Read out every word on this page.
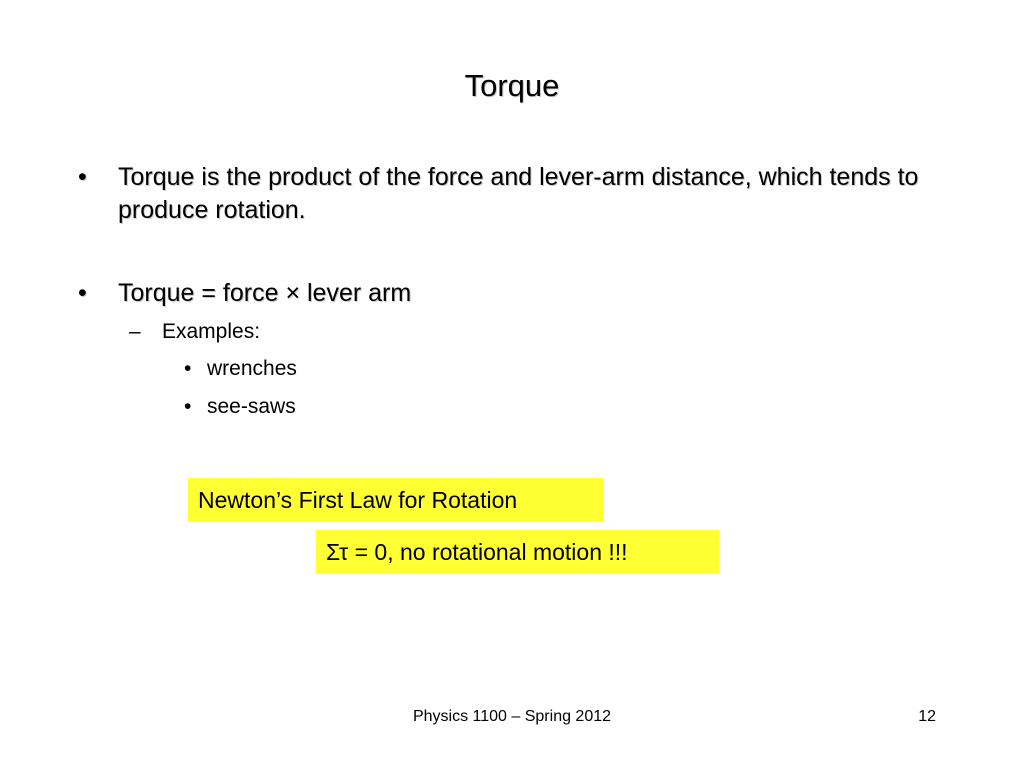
Torque
• Torque is the product of the force and lever-arm distance, which tends to produce rotation.
• Torque = force × lever arm
– Examples:
• wrenches
• see-saws
Newton’s First Law for Rotation
Στ = 0, no rotational motion !!!
Physics 1100 – Spring 2012	12
